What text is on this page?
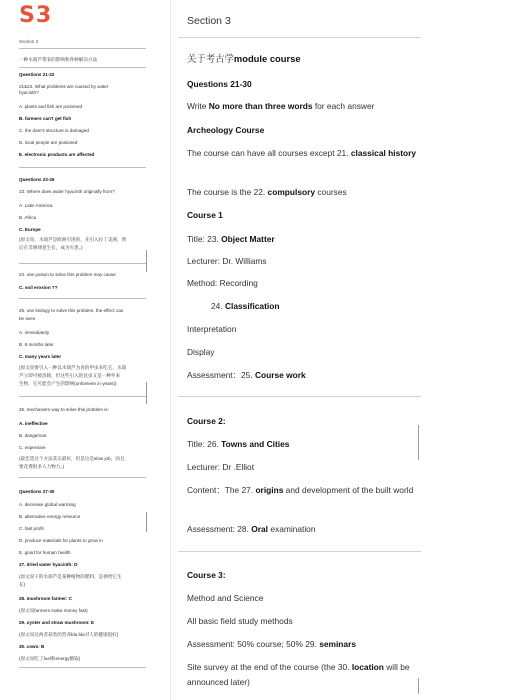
S3
Section 3
一种水葫芦带来的影响和各种解决方法
Questions 21-22
21&22. What problems are caused by water
hyacinth?
A. plants and fish are poisoned
B. farmers can't get fish
C. the dam's structure is damaged
D. local people are poisoned
E. electronic products are affected
Questions 23-26
23. Where does water hyacinth originally from?
A. Latin America
B. Africa
C. Europe
(原文说，水葫芦是欧洲引进的，先引入拉丁美洲，然
后在非洲肆意生长，成为灾患。)
24. use poison to solve this problem may cause
C. soil erosion ??
25. use biology to solve this problem, the effect can
be seen
A. immediately
B. 6 months later
C. many years later
(原文说要引入一种以水葫芦为食的甲虫来吃它，水葫
芦立即可被清除，但这些引入的昆虫又是一种外来
生物，它可能会产生的影响(unforseen in years))
26. mechanism way to solve this problem is:
A. ineffective
B. dangerous
C. expensive
(最佳选这个方法其实最好，但是这是slow job，而且
要花费很多人力物力。)
Questions 27-30
A. decrease global warming
B. alternative energy resource
C. fast profit
D. produce materials for plants to grow in
E. good for human health
27. dried water hyacinth: D
(原文说干的水葫芦是某种植物的肥料，是供给它生
长)
28. mushroom farmer: C
(原文说farmers make money fast)
29. oyster and straw mushroom: E
(原文说这两者菇类的营养bla bla对人的健康很好)
30. cows: B
(原文说吃了fuel和energy摄取)
Section 3
关于考古学module course
Questions 21-30
Write No more than three words for each answer
Archeology Course
The course can have all courses except 21. classical history
The course is the 22. compulsory courses
Course 1
Title: 23. Object Matter
Lecturer: Dr. Williams
Method: Recording
24. Classification
Interpretation
Display
Assessment：25. Course work
Course 2:
Title: 26. Towns and Cities
Lecturer: Dr .Elliot
Content：The 27. origins and development of the built world
Assessment: 28. Oral examination
Course 3:
Method and Science
All basic field study methods
Assessment: 50% course; 50% 29. seminars
Site survey at the end of the course (the 30. location will be announced later)
